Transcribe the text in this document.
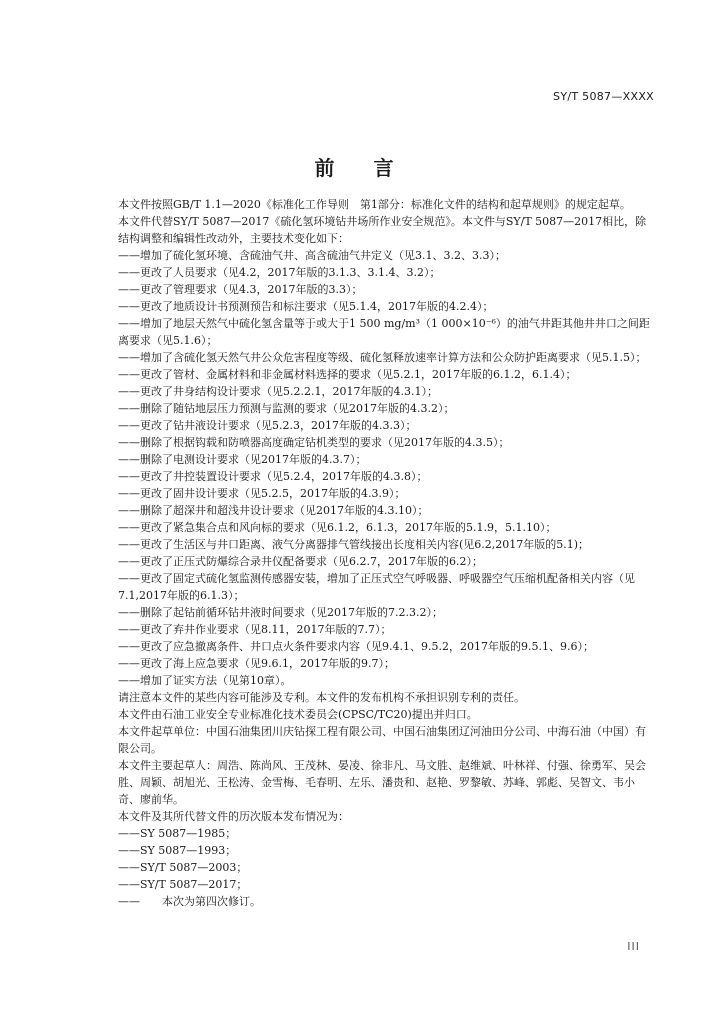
SY/T 5087—XXXX
前 言

本文件按照GB/T 1.1—2020《标准化工作导则　第1部分：标准化文件的结构和起草规则》的规定起草。

本文件代替SY/T 5087—2017《硫化氢环境钻井场所作业安全规范》。本文件与SY/T 5087—2017相比，除结构调整和编辑性改动外，主要技术变化如下：

——增加了硫化氢环境、含硫油气井、高含硫油气井定义（见3.1、3.2、3.3）；
——更改了人员要求（见4.2，2017年版的3.1.3、3.1.4、3.2）；
——更改了管理要求（见4.3，2017年版的3.3）；
——更改了地质设计书预测预告和标注要求（见5.1.4，2017年版的4.2.4）；
——增加了地层天然气中硫化氢含量等于或大于1 500 mg/m³（1 000×10⁻⁶）的油气井距其他井井口之间距离要求（见5.1.6）；
——增加了含硫化氢天然气井公众危害程度等级、硫化氢释放速率计算方法和公众防护距离要求（见5.1.5）；
——更改了管材、金属材料和非金属材料选择的要求（见5.2.1，2017年版的6.1.2，6.1.4）；
——更改了井身结构设计要求（见5.2.2.1，2017年版的4.3.1）；
——删除了随钻地层压力预测与监测的要求（见2017年版的4.3.2）；
——更改了钻井液设计要求（见5.2.3，2017年版的4.3.3）；
——删除了根据钩载和防喷器高度确定钻机类型的要求（见2017年版的4.3.5）；
——删除了电测设计要求（见2017年版的4.3.7）；
——更改了井控装置设计要求（见5.2.4，2017年版的4.3.8）；
——更改了固井设计要求（见5.2.5，2017年版的4.3.9）；
——删除了超深井和超浅井设计要求（见2017年版的4.3.10）；
——更改了紧急集合点和风向标的要求（见6.1.2，6.1.3，2017年版的5.1.9，5.1.10）；
——更改了生活区与井口距离、液气分离器排气管线接出长度相关内容(见6.2,2017年版的5.1)；
——更改了正压式防爆综合录井仪配备要求（见6.2.7，2017年版的6.2）；
——更改了固定式硫化氢监测传感器安装，增加了正压式空气呼吸器、呼吸器空气压缩机配备相关内容（见7.1,2017年版的6.1.3）；
——删除了起钻前循环钻井液时间要求（见2017年版的7.2.3.2）；
——更改了弃井作业要求（见8.11，2017年版的7.7）；
——更改了应急撤离条件、井口点火条件要求内容（见9.4.1、9.5.2，2017年版的9.5.1、9.6）；
——更改了海上应急要求（见9.6.1，2017年版的9.7）；
——增加了证实方法（见第10章）。
请注意本文件的某些内容可能涉及专利。本文件的发布机构不承担识别专利的责任。
本文件由石油工业安全专业标准化技术委员会(CPSC/TC20)提出并归口。
本文件起草单位：中国石油集团川庆钻探工程有限公司、中国石油集团辽河油田分公司、中海石油（中国）有限公司。
本文件主要起草人：周浩、陈尚风、王茂林、晏凌、徐非凡、马文胜、赵维斌、叶林祥、付强、徐勇军、吴会胜、周颖、胡旭光、王松涛、金雪梅、毛春明、左乐、潘贵和、赵艳、罗黎敏、苏峰、郭彪、吴智文、韦小奇、廖前华。
本文件及其所代替文件的历次版本发布情况为：
——SY 5087—1985；
——SY 5087—1993；
——SY/T 5087—2003；
——SY/T 5087—2017；
——　　本次为第四次修订。
III
